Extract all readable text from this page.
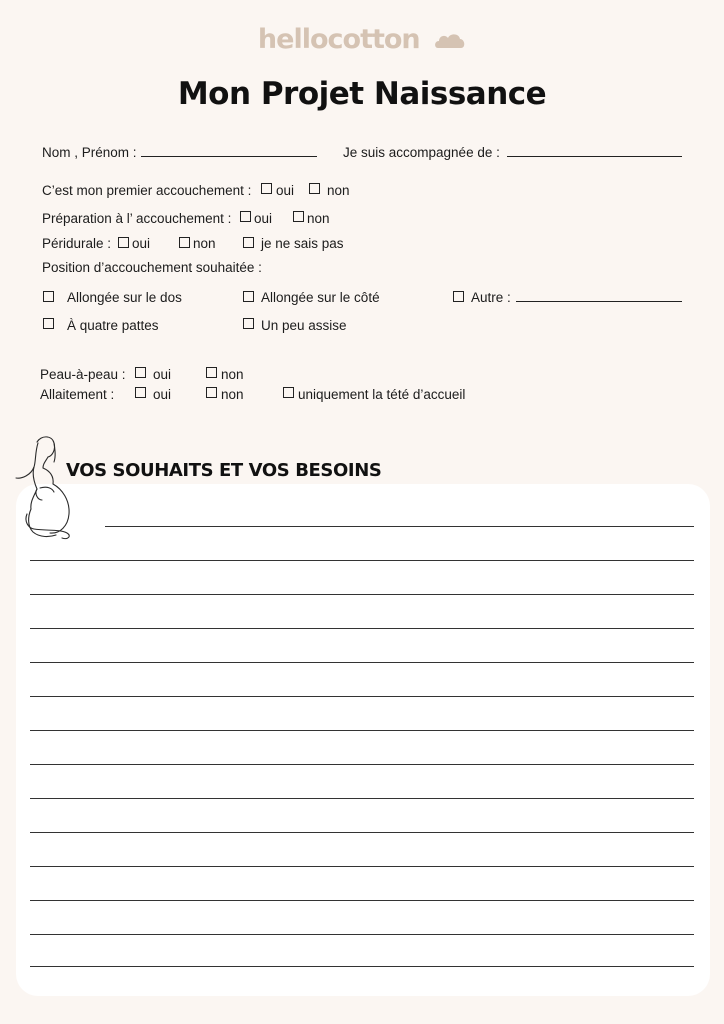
hellocotton
Mon Projet Naissance
Nom , Prénom :	Je suis accompagnée de :
C’est mon premier accouchement : oui non
Préparation à l’ accouchement : oui	non
Péridurale : oui	non	je ne sais pas
Position d’accouchement souhaitée :
Allongée sur le dos	Allongée sur le côté	Autre :
À quatre pattes	Un peu assise
Peau-à-peau : oui	non
Allaitement :	oui	non	uniquement la tété d’accueil
VOS SOUHAITS ET VOS BESOINS
